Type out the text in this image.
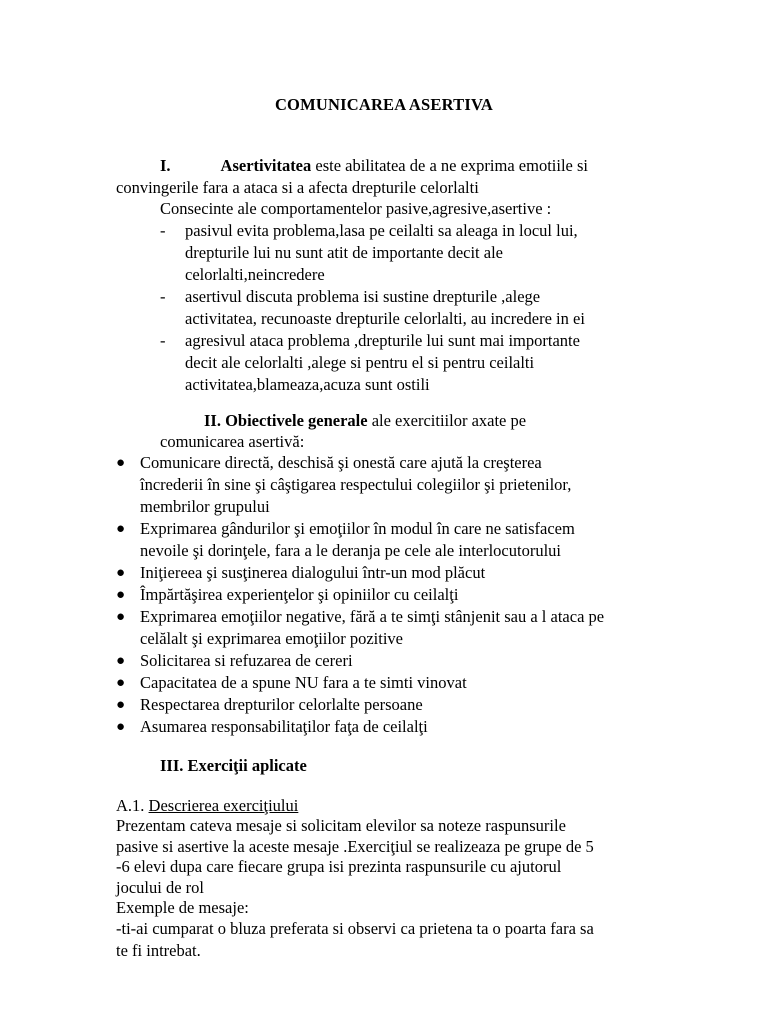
COMUNICAREA ASERTIVA
I.	Asertivitatea este abilitatea de a ne exprima emotiile si
convingerile fara a ataca si a afecta drepturile celorlalti
Consecinte ale comportamentelor pasive,agresive,asertive :
- pasivul evita problema,lasa pe ceilalti sa aleaga in locul lui,
drepturile lui nu sunt atit de importante decit ale
celorlalti,neincredere
- asertivul discuta problema isi sustine drepturile ,alege
activitatea, recunoaste drepturile celorlalti, au incredere in ei
- agresivul ataca problema ,drepturile lui sunt mai importante
decit ale celorlalti ,alege si pentru el si pentru ceilalti
activitatea,blameaza,acuza sunt ostili
II. Obiectivele generale ale exercitiilor axate pe
comunicarea asertivă:
● Comunicare directă, deschisă şi onestă care ajută la creşterea
încrederii în sine şi câştigarea respectului colegiilor şi prietenilor,
membrilor grupului
● Exprimarea gândurilor şi emoţiilor în modul în care ne satisfacem
nevoile şi dorinţele, fara a le deranja pe cele ale interlocutorului
● Iniţiereea şi susţinerea dialogului într-un mod plăcut
● Împărtăşirea experienţelor şi opiniilor cu ceilalţi
● Exprimarea emoţiilor negative, fără a te simţi stânjenit sau a l ataca pe
celălalt şi exprimarea emoţiilor pozitive
● Solicitarea si refuzarea de cereri
● Capacitatea de a spune NU fara a te simti vinovat
● Respectarea drepturilor celorlalte persoane
● Asumarea responsabilitaţilor faţa de ceilalţi
III. Exerciţii aplicate
A.1. Descrierea exerciţiului
Prezentam cateva mesaje si solicitam elevilor sa noteze raspunsurile
pasive si asertive la aceste mesaje .Exerciţiul se realizeaza pe grupe de 5
-6 elevi dupa care fiecare grupa isi prezinta raspunsurile cu ajutorul
jocului de rol
Exemple de mesaje:
-ti-ai cumparat o bluza preferata si observi ca prietena ta o poarta fara sa
te fi intrebat.
